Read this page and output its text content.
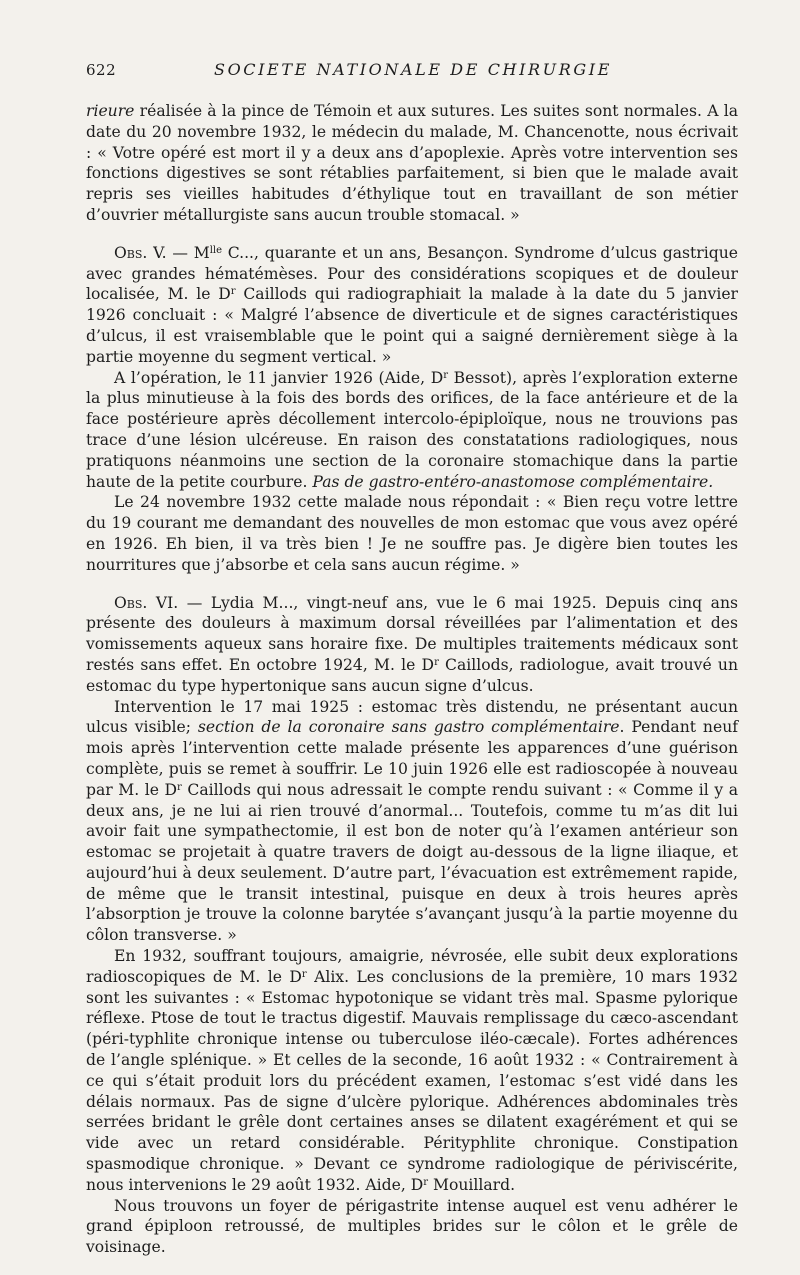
622	SOCIETE NATIONALE DE CHIRURGIE

rieure réalisée à la pince de Témoin et aux sutures. Les suites sont normales. A la date du 20 novembre 1932, le médecin du malade, M. Chancenotte, nous écrivait : « Votre opéré est mort il y a deux ans d’apoplexie. Après votre intervention ses fonctions digestives se sont rétablies parfaitement, si bien que le malade avait repris ses vieilles habitudes d’éthylique tout en travaillant de son métier d’ouvrier métallurgiste sans aucun trouble stomacal. »

Obs. V. — $M^{lle}$ C..., quarante et un ans, Besançon. Syndrome d’ulcus gastrique avec grandes hématémèses. Pour des considérations scopiques et de douleur localisée, M. le $D^r$ Caillods qui radiographiait la malade à la date du 5 janvier 1926 concluait : « Malgré l’absence de diverticule et de signes caractéristiques d’ulcus, il est vraisemblable que le point qui a saigné dernièrement siège à la partie moyenne du segment vertical. »

A l’opération, le 11 janvier 1926 (Aide, $D^r$ Bessot), après l’exploration externe la plus minutieuse à la fois des bords des orifices, de la face antérieure et de la face postérieure après décollement intercolo-épiploïque, nous ne trouvions pas trace d’une lésion ulcéreuse. En raison des constatations radiologiques, nous pratiquons néanmoins une section de la coronaire stomachique dans la partie haute de la petite courbure. Pas de gastro-entéro-anastomose complémentaire.

Le 24 novembre 1932 cette malade nous répondait : « Bien reçu votre lettre du 19 courant me demandant des nouvelles de mon estomac que vous avez opéré en 1926. Eh bien, il va très bien ! Je ne souffre pas. Je digère bien toutes les nourritures que j’absorbe et cela sans aucun régime. »

Obs. VI. — Lydia M..., vingt-neuf ans, vue le 6 mai 1925. Depuis cinq ans présente des douleurs à maximum dorsal réveillées par l’alimentation et des vomissements aqueux sans horaire fixe. De multiples traitements médicaux sont restés sans effet. En octobre 1924, M. le $D^r$ Caillods, radiologue, avait trouvé un estomac du type hypertonique sans aucun signe d’ulcus.

Intervention le 17 mai 1925 : estomac très distendu, ne présentant aucun ulcus visible; section de la coronaire sans gastro complémentaire. Pendant neuf mois après l’intervention cette malade présente les apparences d’une guérison complète, puis se remet à souffrir. Le 10 juin 1926 elle est radioscopée à nouveau par M. le $D^r$ Caillods qui nous adressait le compte rendu suivant : « Comme il y a deux ans, je ne lui ai rien trouvé d’anormal... Toutefois, comme tu m’as dit lui avoir fait une sympathectomie, il est bon de noter qu’à l’examen antérieur son estomac se projetait à quatre travers de doigt au-dessous de la ligne iliaque, et aujourd’hui à deux seulement. D’autre part, l’évacuation est extrêmement rapide, de même que le transit intestinal, puisque en deux à trois heures après l’absorption je trouve la colonne barytée s’avançant jusqu’à la partie moyenne du côlon transverse. »

En 1932, souffrant toujours, amaigrie, névrosée, elle subit deux explorations radioscopiques de M. le $D^r$ Alix. Les conclusions de la première, 10 mars 1932 sont les suivantes : « Estomac hypotonique se vidant très mal. Spasme pylorique réflexe. Ptose de tout le tractus digestif. Mauvais remplissage du cæco-ascendant (péri-typhlite chronique intense ou tuberculose iléo-cæcale). Fortes adhérences de l’angle splénique. » Et celles de la seconde, 16 août 1932 : « Contrairement à ce qui s’était produit lors du précédent examen, l’estomac s’est vidé dans les délais normaux. Pas de signe d’ulcère pylorique. Adhérences abdominales très serrées bridant le grêle dont certaines anses se dilatent exagérément et qui se vide avec un retard considérable. Pérityphlite chronique. Constipation spasmodique chronique. » Devant ce syndrome radiologique de périviscérite, nous intervenions le 29 août 1932. Aide, $D^r$ Mouillard.

Nous trouvons un foyer de périgastrite intense auquel est venu adhérer le grand épiploon retroussé, de multiples brides sur le côlon et le grêle de voisinage.
